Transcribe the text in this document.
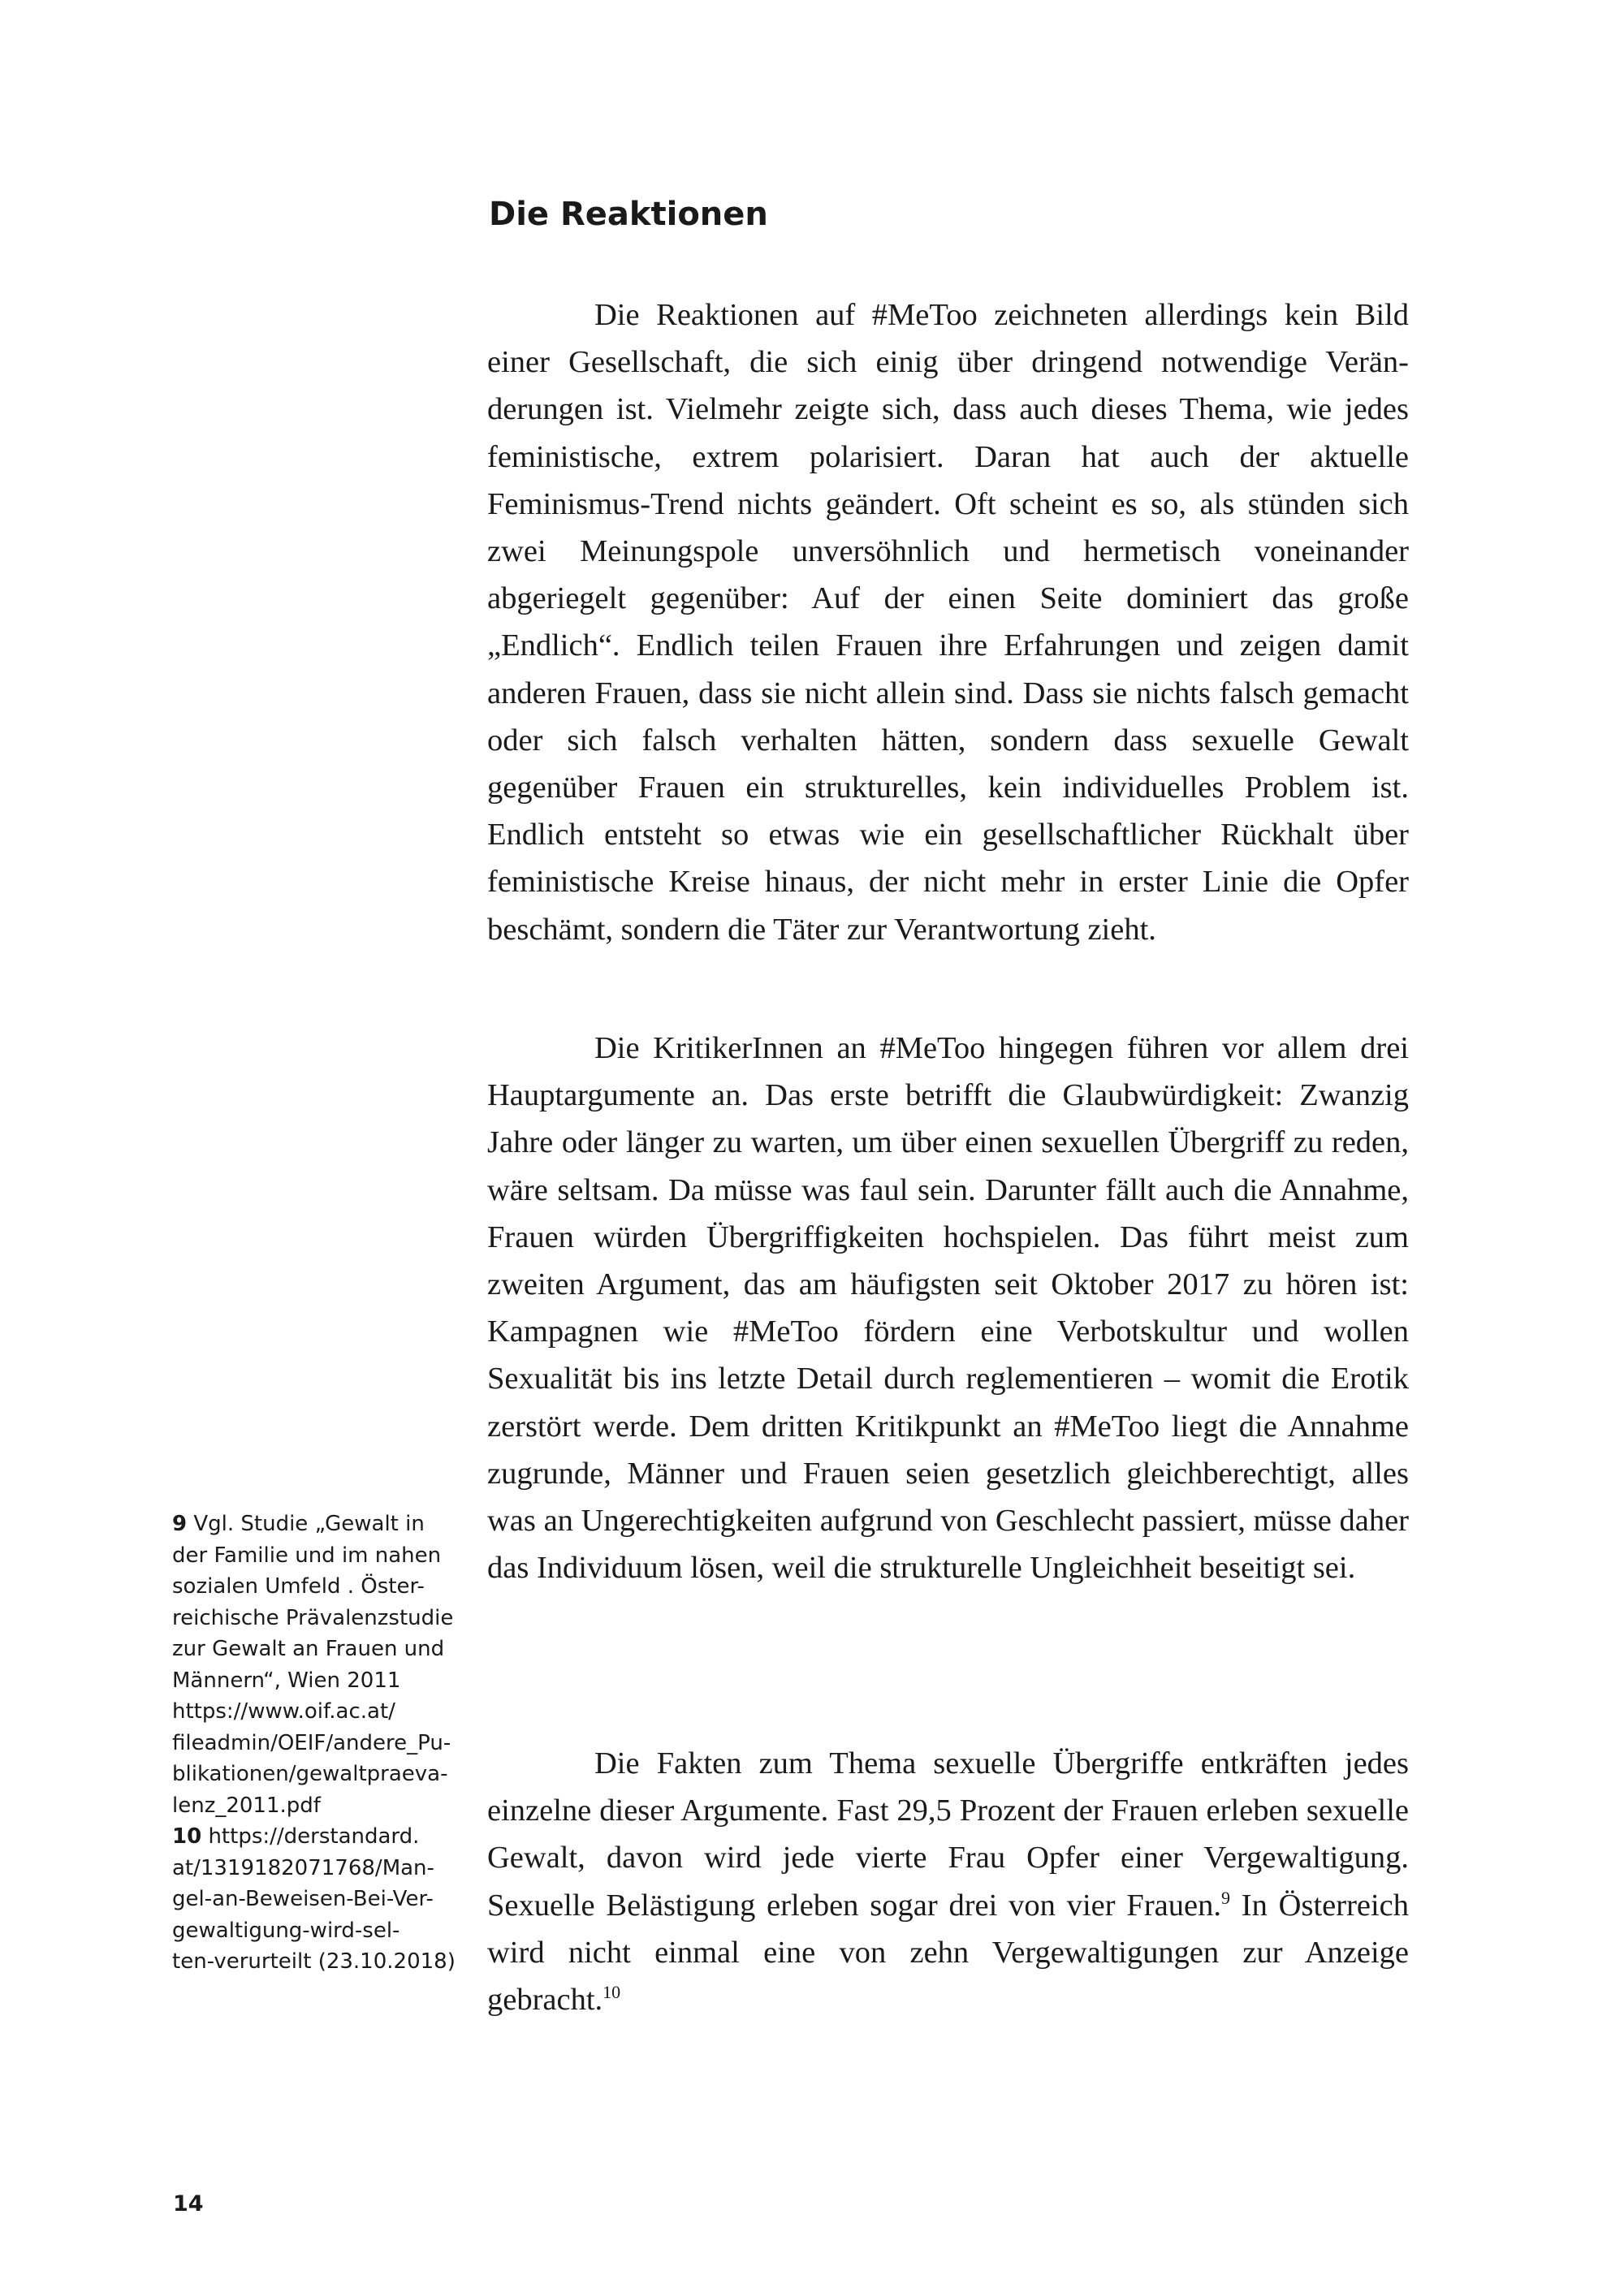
Die Reaktionen

Die Reaktionen auf #MeToo zeichneten allerdings kein Bild einer Gesellschaft, die sich einig über dringend notwendige Veränderungen ist. Vielmehr zeigte sich, dass auch dieses Thema, wie jedes feministische, extrem polarisiert. Daran hat auch der aktuelle Feminismus-Trend nichts geändert. Oft scheint es so, als stünden sich zwei Meinungspole unversöhnlich und hermetisch voneinander abgeriegelt gegenüber: Auf der einen Seite dominiert das große „Endlich“. Endlich teilen Frauen ihre Erfahrungen und zeigen damit anderen Frauen, dass sie nicht allein sind. Dass sie nichts falsch gemacht oder sich falsch verhalten hätten, sondern dass sexuelle Gewalt gegenüber Frauen ein strukturelles, kein individuelles Problem ist. Endlich entsteht so etwas wie ein gesellschaftlicher Rückhalt über feministische Kreise hinaus, der nicht mehr in erster Linie die Opfer beschämt, sondern die Täter zur Verantwortung zieht.

Die KritikerInnen an #MeToo hingegen führen vor allem drei Hauptargumente an. Das erste betrifft die Glaubwürdigkeit: Zwanzig Jahre oder länger zu warten, um über einen sexuellen Übergriff zu reden, wäre seltsam. Da müsse was faul sein. Darunter fällt auch die Annahme, Frauen würden Übergriffigkeiten hochspielen. Das führt meist zum zweiten Argument, das am häufigsten seit Oktober 2017 zu hören ist: Kampagnen wie #MeToo fördern eine Verbotskultur und wollen Sexualität bis ins letzte Detail durch reglementieren – womit die Erotik zerstört werde. Dem dritten Kritikpunkt an #MeToo liegt die Annahme zugrunde, Männer und Frauen seien gesetzlich gleichberechtigt, alles was an Ungerechtigkeiten aufgrund von Geschlecht passiert, müsse daher das Individuum lösen, weil die strukturelle Ungleichheit beseitigt sei.

Die Fakten zum Thema sexuelle Übergriffe entkräften jedes einzelne dieser Argumente. Fast 29,5 Prozent der Frauen erleben sexuelle Gewalt, davon wird jede vierte Frau Opfer einer Vergewaltigung. Sexuelle Belästigung erleben sogar drei von vier Frauen.$^9$ In Österreich wird nicht einmal eine von zehn Vergewaltigungen zur Anzeige gebracht.$^{10}$

9 Vgl. Studie „Gewalt in
der Familie und im nahen
sozialen Umfeld . Öster-
reichische Prävalenzstudie
zur Gewalt an Frauen und
Männern“, Wien 2011
https://www.oif.ac.at/
fileadmin/OEIF/andere_Pu-
blikationen/gewaltpraeva-
lenz_2011.pdf
10 https://derstandard.
at/1319182071768/Man-
gel-an-Beweisen-Bei-Ver-
gewaltigung-wird-sel-
ten-verurteilt (23.10.2018)
14
